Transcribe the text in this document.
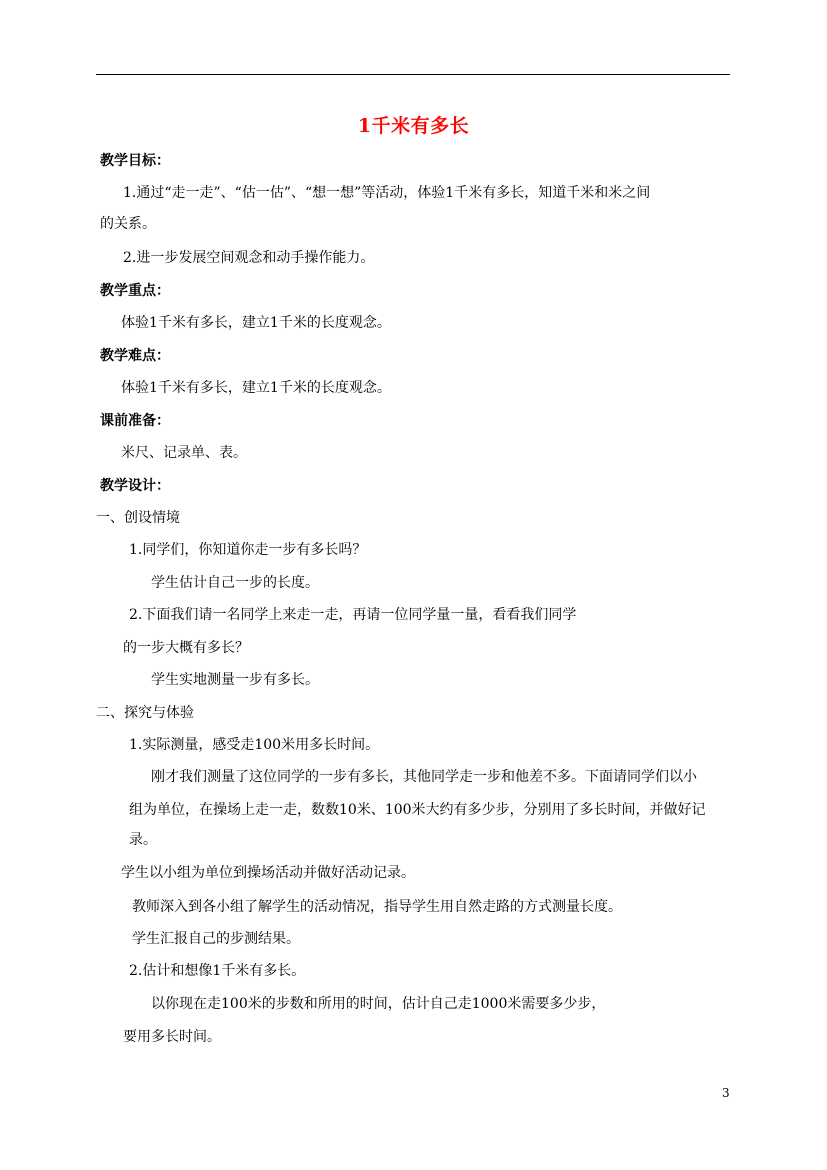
1千米有多长
教学目标：
1.通过“走一走”、“估一估”、“想一想”等活动，体验1千米有多长，知道千米和米之间
的关系。
2.进一步发展空间观念和动手操作能力。
教学重点：
体验1千米有多长，建立1千米的长度观念。
教学难点：
体验1千米有多长，建立1千米的长度观念。
课前准备：
米尺、记录单、表。
教学设计：
一、创设情境
1.同学们，你知道你走一步有多长吗？
学生估计自己一步的长度。
2.下面我们请一名同学上来走一走，再请一位同学量一量，看看我们同学
的一步大概有多长？
学生实地测量一步有多长。
二、探究与体验
1.实际测量，感受走100米用多长时间。
刚才我们测量了这位同学的一步有多长，其他同学走一步和他差不多。下面请同学们以小
组为单位，在操场上走一走，数数10米、100米大约有多少步，分别用了多长时间，并做好记
录。
学生以小组为单位到操场活动并做好活动记录。
教师深入到各小组了解学生的活动情况，指导学生用自然走路的方式测量长度。
学生汇报自己的步测结果。
2.估计和想像1千米有多长。
以你现在走100米的步数和所用的时间，估计自己走1000米需要多少步，
要用多长时间。
3
